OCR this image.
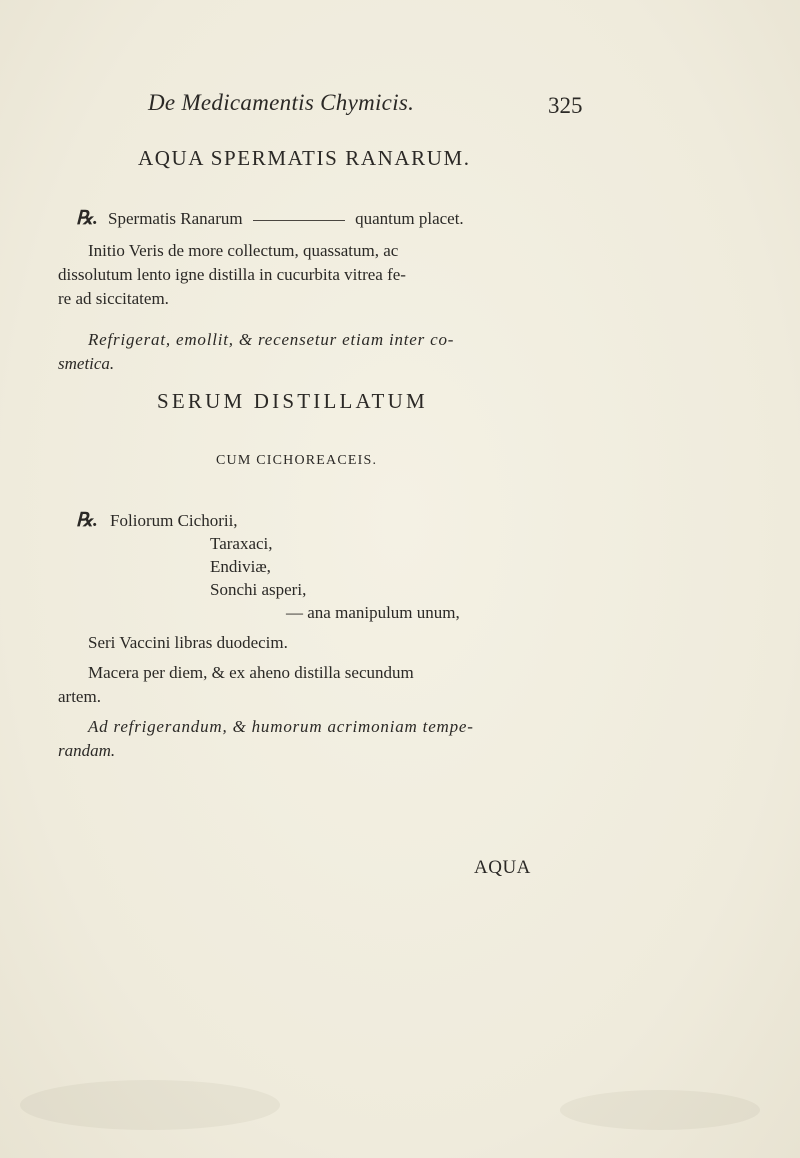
De Medicamentis Chymicis.	325
AQUA SPERMATIS RANARUM.
℞. Spermatis Ranarum	quantum placet.
Initio Veris de more collectum, quassatum, ac
dissolutum lento igne distilla in cucurbita vitrea fe-
re ad siccitatem.
Refrigerat, emollit, & recensetur etiam inter co-
smetica.
SERUM DISTILLATUM
CUM CICHOREACEIS.
℞. Foliorum Cichorii,
Taraxaci,
Endiviæ,
Sonchi asperi,
— ana manipulum unum,
Seri Vaccini libras duodecim.
Macera per diem, & ex aheno distilla secundum
artem.
Ad refrigerandum, & humorum acrimoniam tempe-
randam.
AQUA
